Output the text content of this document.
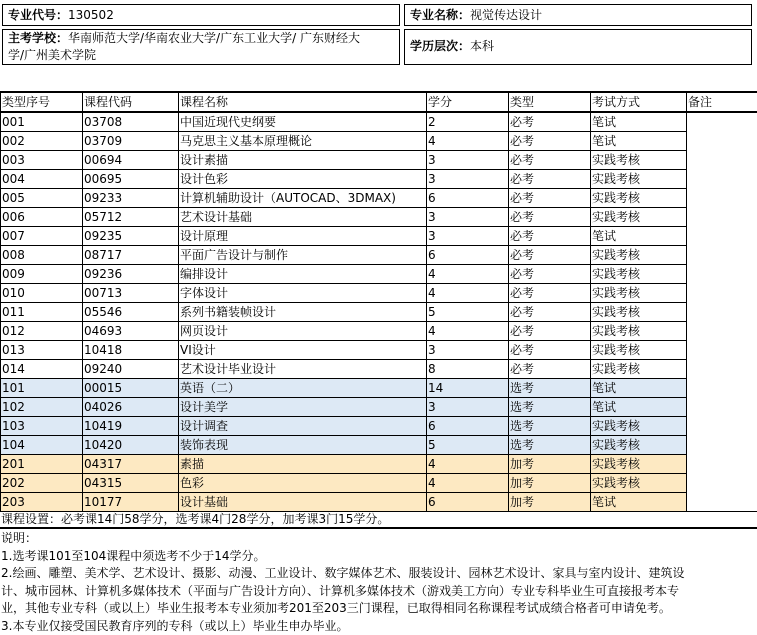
专业代号：130502	专业名称：视觉传达设计
主考学校：华南师范大学/华南农业大学/广东工业大学/ 广东财经大
学/广州美术学院
学历层次：本科
类型序号	课程代码	课程名称	学分	类型	考试方式	备注
001	03708	中国近现代史纲要	2	必考	笔试	
002	03709	马克思主义基本原理概论	4	必考	笔试	
003	00694	设计素描	3	必考	实践考核	
004	00695	设计色彩	3	必考	实践考核	
005	09233	计算机辅助设计（AUTOCAD、3DMAX)	6	必考	实践考核	
006	05712	艺术设计基础	3	必考	实践考核	
007	09235	设计原理	3	必考	笔试	
008	08717	平面广告设计与制作	6	必考	实践考核	
009	09236	编排设计	4	必考	实践考核	
010	00713	字体设计	4	必考	实践考核	
011	05546	系列书籍装帧设计	5	必考	实践考核	
012	04693	网页设计	4	必考	实践考核	
013	10418	VI设计	3	必考	实践考核	
014	09240	艺术设计毕业设计	8	必考	实践考核	
101	00015	英语（二）	14	选考	笔试	
102	04026	设计美学	3	选考	笔试	
103	10419	设计调查	6	选考	实践考核	
104	10420	装饰表现	5	选考	实践考核	
201	04317	素描	4	加考	实践考核	
202	04315	色彩	4	加考	实践考核	
203	10177	设计基础	6	加考	笔试	
课程设置：必考课14门58学分，选考课4门28学分，加考课3门15学分。

说明：

1.选考课101至104课程中须选考不少于14学分。

2.绘画、雕塑、美术学、艺术设计、摄影、动漫、工业设计、数字媒体艺术、服装设计、园林艺术设计、家具与室内设计、建筑设

计、城市园林、计算机多媒体技术（平面与广告设计方向）、计算机多媒体技术（游戏美工方向）专业专科毕业生可直接报考本专

业，其他专业专科（或以上）毕业生报考本专业须加考201至203三门课程，已取得相同名称课程考试成绩合格者可申请免考。

3.本专业仅接受国民教育序列的专科（或以上）毕业生申办毕业。
